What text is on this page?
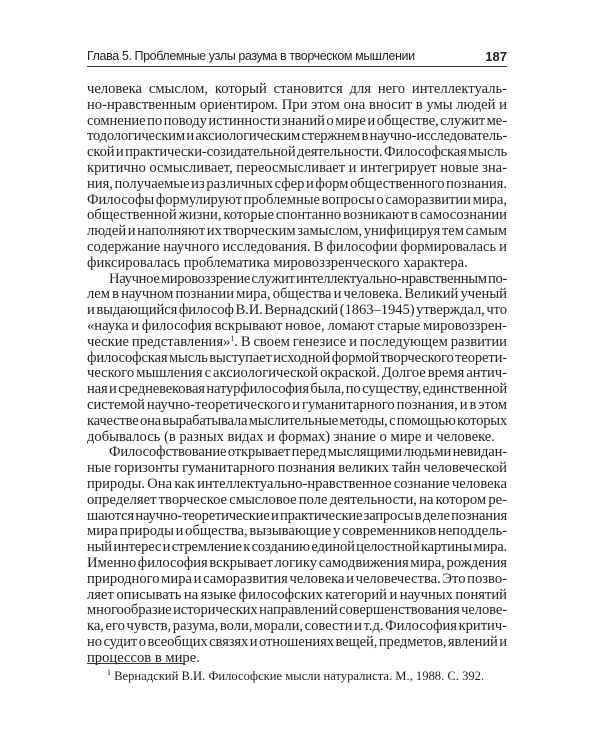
Глава 5. Проблемные узлы разума в творческом мышлении	187
человека смыслом, который становится для него интеллектуаль-
но-нравственным ориентиром. При этом она вносит в умы людей и
сомнение по поводу истинности знаний о мире и обществе, служит ме-
тодологическим и аксиологическим стержнем в научно-исследователь-
ской и практически-созидательной деятельности. Философская мысль
критично осмысливает, переосмысливает и интегрирует новые зна-
ния, получаемые из различных сфер и форм общественного познания.
Философы формулируют проблемные вопросы о саморазвитии мира,
общественной жизни, которые спонтанно возникают в самосознании
людей и наполняют их творческим замыслом, унифицируя тем самым
содержание научного исследования. В философии формировалась и
фиксировалась проблематика мировоззренческого характера.
Научное мировоззрение служит интеллектуально-нравственным по-
лем в научном познании мира, общества и человека. Великий ученый
и выдающийся философ В.И. Вернадский (1863–1945) утверждал, что
«наука и философия вскрывают новое, ломают старые мировоззрен-
ческие представления»$^1$. В своем генезисе и последующем развитии
философская мысль выступает исходной формой творческого теорети-
ческого мышления с аксиологической окраской. Долгое время антич-
ная и средневековая натурфилософия была, по существу, единственной
системой научно-теоретического и гуманитарного познания, и в этом
качестве она вырабатывала мыслительные методы, с помощью которых
добывалось (в разных видах и формах) знание о мире и человеке.
Философствование открывает перед мыслящими людьми невидан-
ные горизонты гуманитарного познания великих тайн человеческой
природы. Она как интеллектуально-нравственное сознание человека
определяет творческое смысловое поле деятельности, на котором ре-
шаются научно-теоретические и практические запросы в деле познания
мира природы и общества, вызывающие у современников неподдель-
ный интерес и стремление к созданию единой целостной картины мира.
Именно философия вскрывает логику самодвижения мира, рождения
природного мира и саморазвития человека и человечества. Это позво-
ляет описывать на языке философских категорий и научных понятий
многообразие исторических направлений совершенствования челове-
ка, его чувств, разума, воли, морали, совести и т.д. Философия критич-
но судит о всеобщих связях и отношениях вещей, предметов, явлений и
процессов в мире.
$^1$ Вернадский В.И. Философские мысли натуралиста. М., 1988. С. 392.
